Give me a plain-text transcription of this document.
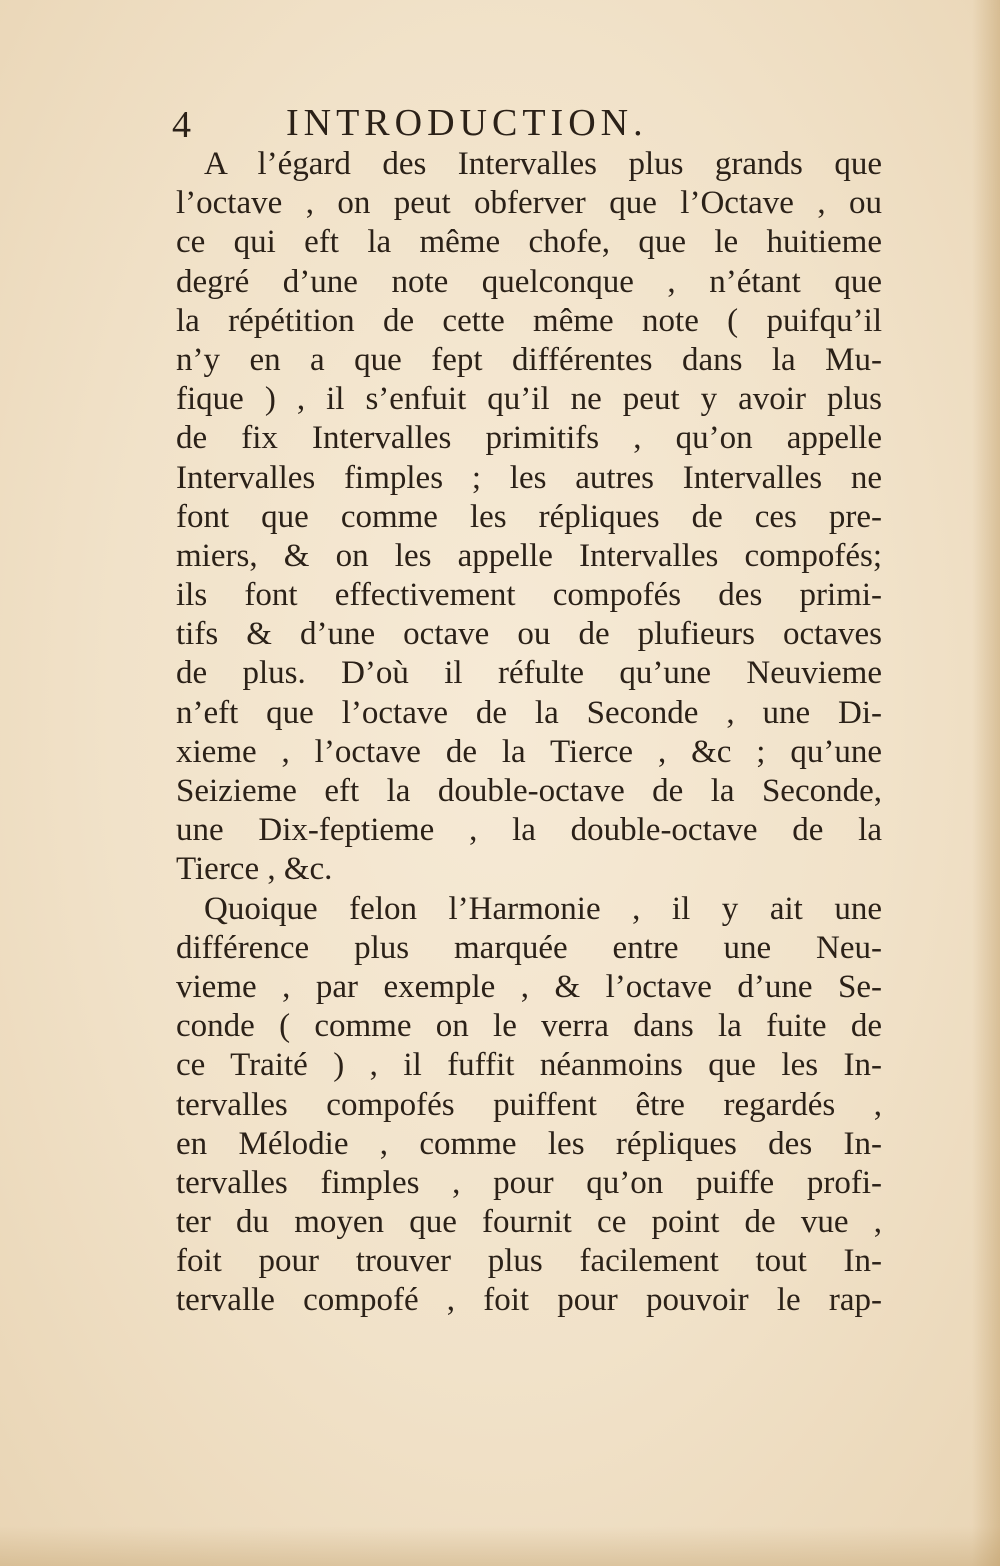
4	INTRODUCTION.
A l’égard des Intervalles plus grands que
l’octave , on peut obferver que l’Octave , ou
ce qui eft la même chofe, que le huitieme
degré d’une note quelconque , n’étant que
la répétition de cette même note ( puifqu’il
n’y en a que fept différentes dans la Mu-
fique ) , il s’enfuit qu’il ne peut y avoir plus
de fix Intervalles primitifs , qu’on appelle
Intervalles fimples ; les autres Intervalles ne
font que comme les répliques de ces pre-
miers, & on les appelle Intervalles compofés;
ils font effectivement compofés des primi-
tifs & d’une octave ou de plufieurs octaves
de plus. D’où il réfulte qu’une Neuvieme
n’eft que l’octave de la Seconde , une Di-
xieme , l’octave de la Tierce , &c ; qu’une
Seizieme eft la double-octave de la Seconde,
une Dix-feptieme , la double-octave de la
Tierce , &c.
Quoique felon l’Harmonie , il y ait une
différence plus marquée entre une Neu-
vieme , par exemple , & l’octave d’une Se-
conde ( comme on le verra dans la fuite de
ce Traité ) , il fuffit néanmoins que les In-
tervalles compofés puiffent être regardés ,
en Mélodie , comme les répliques des In-
tervalles fimples , pour qu’on puiffe profi-
ter du moyen que fournit ce point de vue ,
foit pour trouver plus facilement tout In-
tervalle compofé , foit pour pouvoir le rap-
